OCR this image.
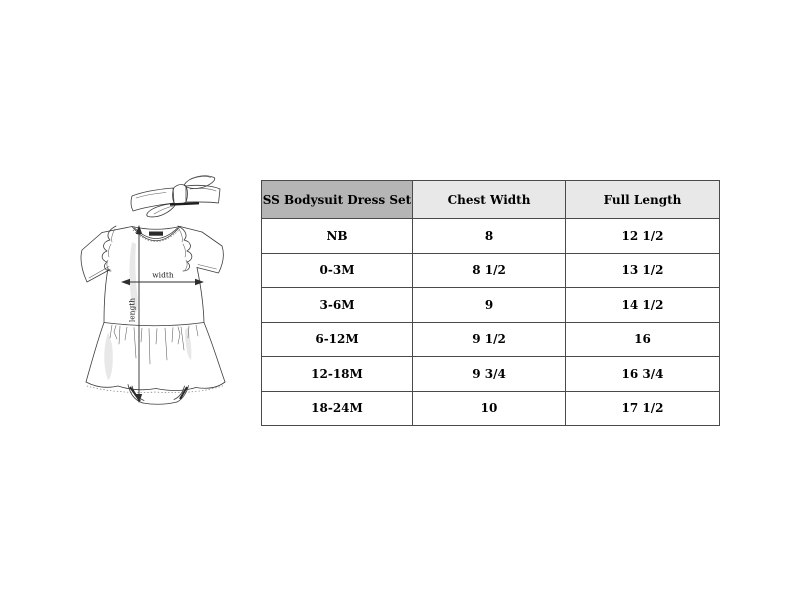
width
length
SS Bodysuit Dress Set	Chest Width	Full Length
NB	8	12 1/2
0-3M	8 1/2	13 1/2
3-6M	9	14 1/2
6-12M	9 1/2	16
12-18M	9 3/4	16 3/4
18-24M	10	17 1/2
